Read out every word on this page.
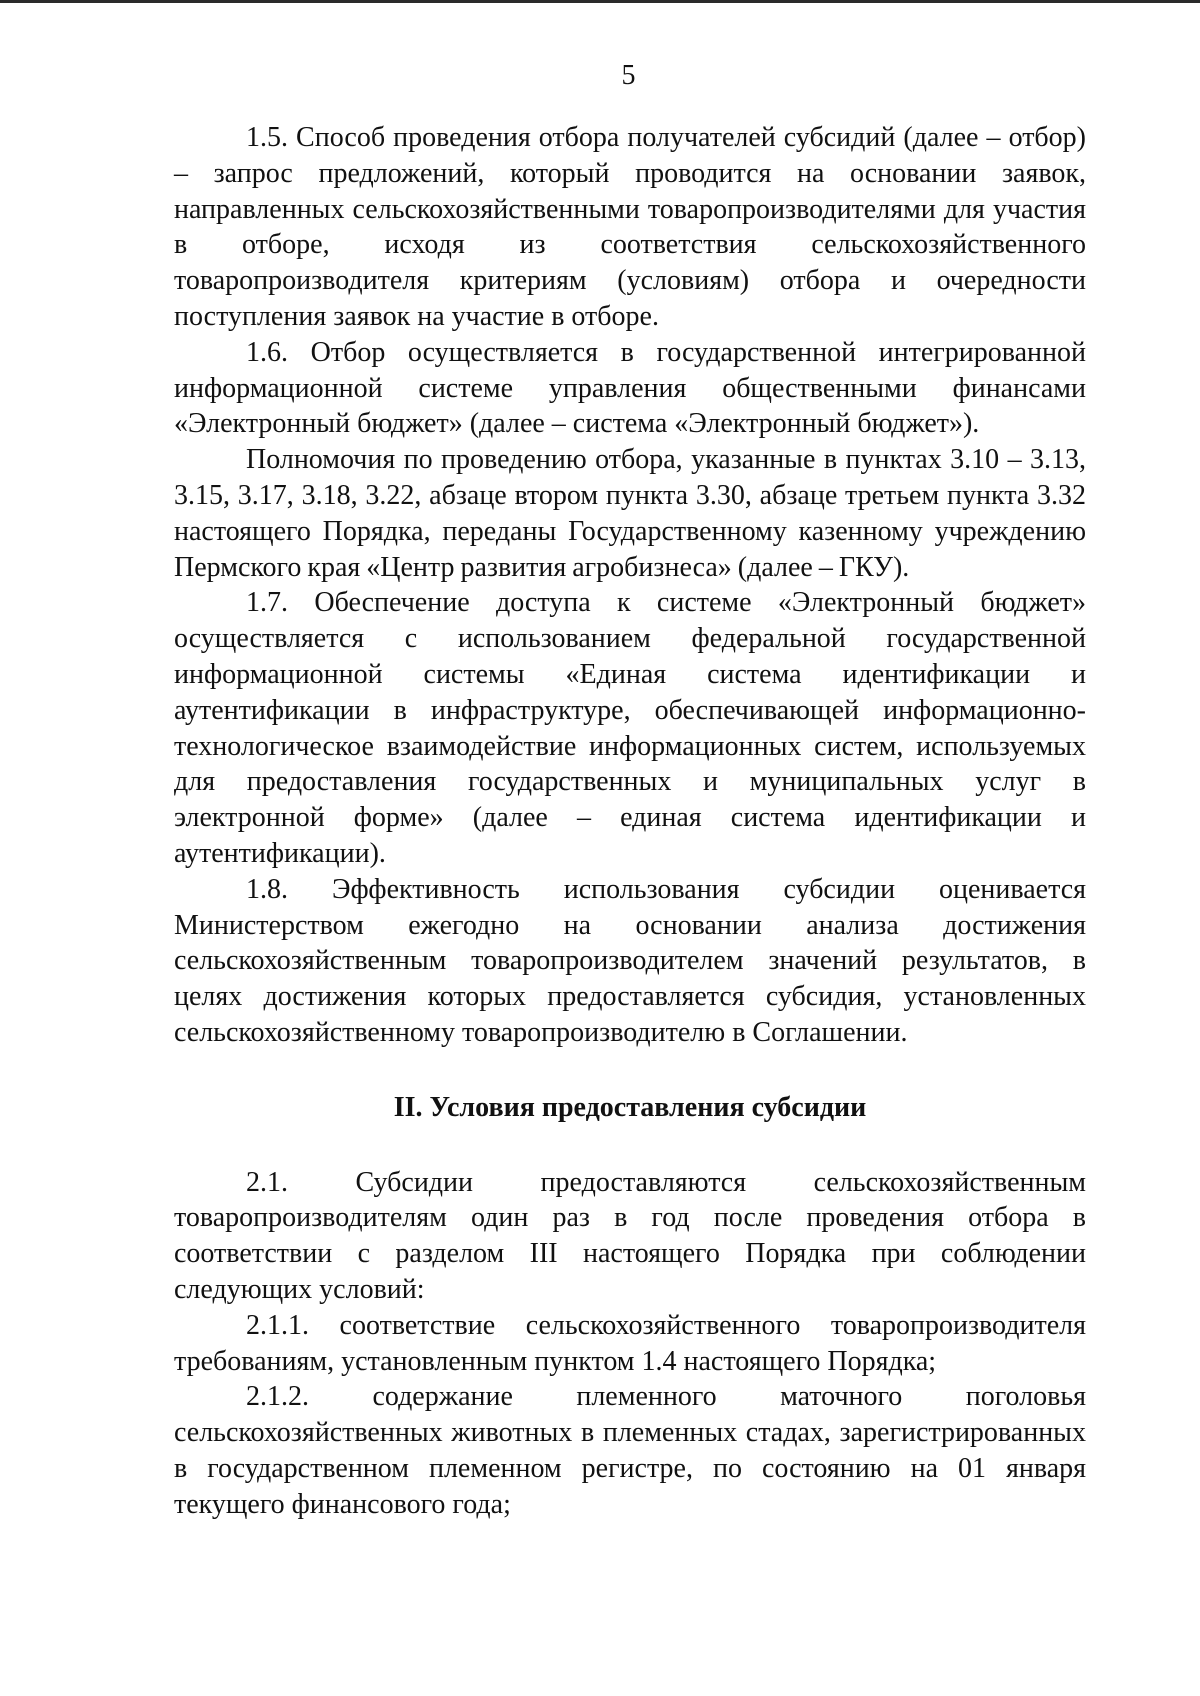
5

1.5. Способ проведения отбора получателей субсидий (далее – отбор) – запрос предложений, который проводится на основании заявок, направленных сельскохозяйственными товаропроизводителями для участия в отборе, исходя из соответствия сельскохозяйственного товаропроизводителя критериям (условиям) отбора и очередности поступления заявок на участие в отборе.

1.6. Отбор осуществляется в государственной интегрированной информационной системе управления общественными финансами «Электронный бюджет» (далее – система «Электронный бюджет»).

Полномочия по проведению отбора, указанные в пунктах 3.10 – 3.13, 3.15, 3.17, 3.18, 3.22, абзаце втором пункта 3.30, абзаце третьем пункта 3.32 настоящего Порядка, переданы Государственному казенному учреждению Пермского края «Центр развития агробизнеса» (далее – ГКУ).

1.7. Обеспечение доступа к системе «Электронный бюджет» осуществляется с использованием федеральной государственной информационной системы «Единая система идентификации и аутентификации в инфраструктуре, обеспечивающей информационно-технологическое взаимодействие информационных систем, используемых для предоставления государственных и муниципальных услуг в электронной форме» (далее – единая система идентификации и аутентификации).

1.8. Эффективность использования субсидии оценивается Министерством ежегодно на основании анализа достижения сельскохозяйственным товаропроизводителем значений результатов, в целях достижения которых предоставляется субсидия, установленных сельскохозяйственному товаропроизводителю в Соглашении.

II. Условия предоставления субсидии

2.1. Субсидии предоставляются сельскохозяйственным товаропроизводителям один раз в год после проведения отбора в соответствии с разделом III настоящего Порядка при соблюдении следующих условий:

2.1.1. соответствие сельскохозяйственного товаропроизводителя требованиям, установленным пунктом 1.4 настоящего Порядка;

2.1.2. содержание племенного маточного поголовья сельскохозяйственных животных в племенных стадах, зарегистрированных в государственном племенном регистре, по состоянию на 01 января текущего финансового года;
